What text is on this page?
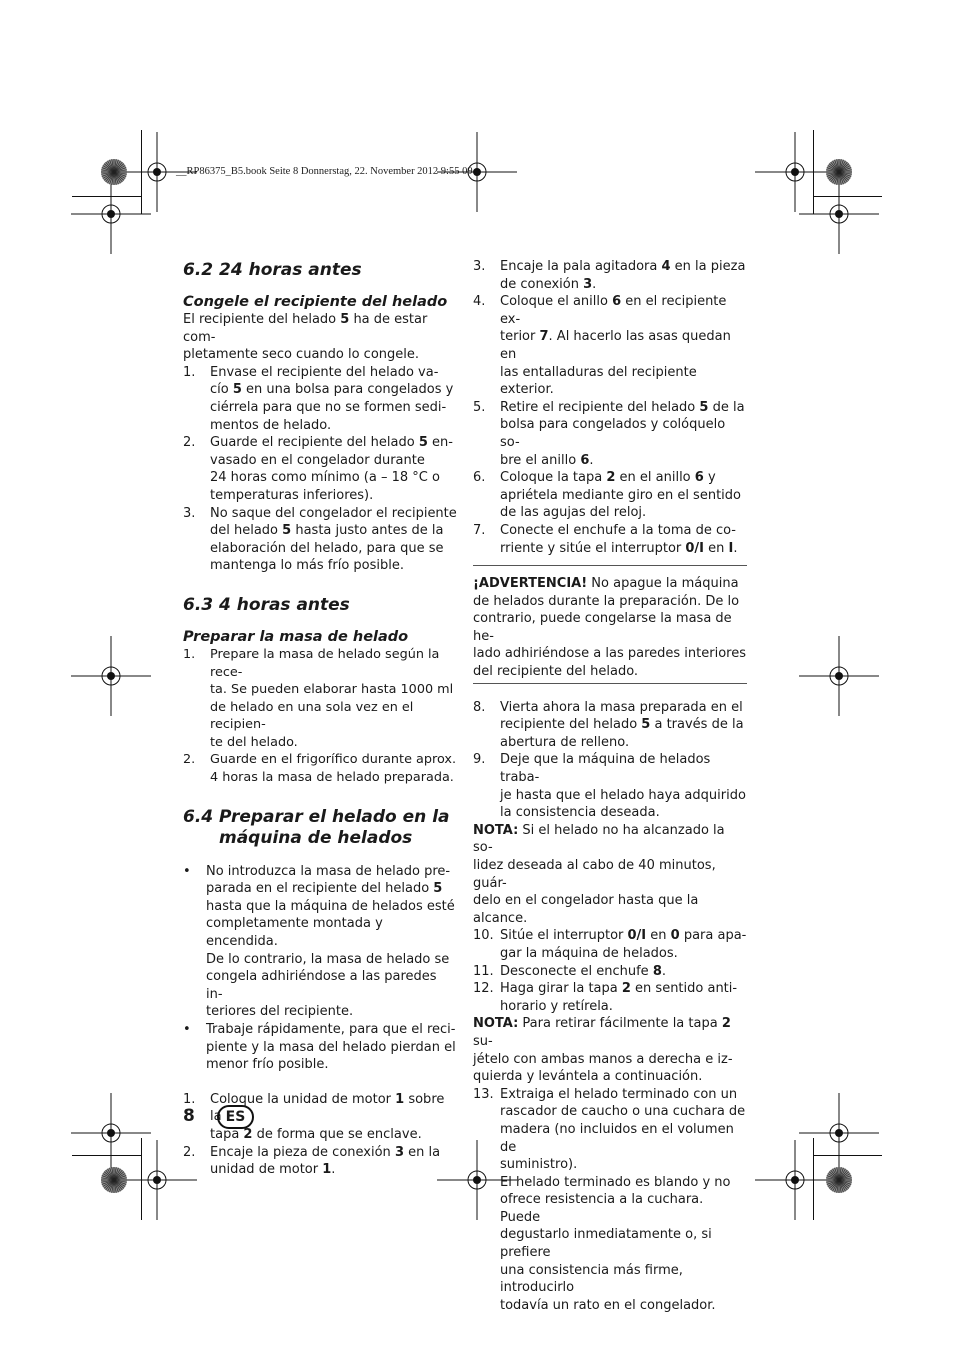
__RP86375_B5.book Seite 8 Donnerstag, 22. November 2012 9:55 09
6.2 24 horas antes
Congele el recipiente del helado
El recipiente del helado 5 ha de estar com-
pletamente seco cuando lo congele.
1. Envase el recipiente del helado va-
cío 5 en una bolsa para congelados y
ciérrela para que no se formen sedi-
mentos de helado.
2. Guarde el recipiente del helado 5 en-
vasado en el congelador durante
24 horas como mínimo (a – 18 °C o
temperaturas inferiores).
3. No saque del congelador el recipiente
del helado 5 hasta justo antes de la
elaboración del helado, para que se
mantenga lo más frío posible.
6.3 4 horas antes
Preparar la masa de helado
1. Prepare la masa de helado según la rece-
ta. Se pueden elaborar hasta 1000 ml
de helado en una sola vez en el recipien-
te del helado.
2. Guarde en el frigorífico durante aprox.
4 horas la masa de helado preparada.
6.4 Preparar el helado en la
máquina de helados
• No introduzca la masa de helado pre-
parada en el recipiente del helado 5
hasta que la máquina de helados esté
completamente montada y encendida.
De lo contrario, la masa de helado se
congela adhiriéndose a las paredes in-
teriores del recipiente.
• Trabaje rápidamente, para que el reci-
piente y la masa del helado pierdan el
menor frío posible.
1. Coloque la unidad de motor 1 sobre la
tapa 2 de forma que se enclave.
2. Encaje la pieza de conexión 3 en la
unidad de motor 1.
3. Encaje la pala agitadora 4 en la pieza
de conexión 3.
4. Coloque el anillo 6 en el recipiente ex-
terior 7. Al hacerlo las asas quedan en
las entalladuras del recipiente exterior.
5. Retire el recipiente del helado 5 de la
bolsa para congelados y colóquelo so-
bre el anillo 6.
6. Coloque la tapa 2 en el anillo 6 y
apriétela mediante giro en el sentido
de las agujas del reloj.
7. Conecte el enchufe a la toma de co-
rriente y sitúe el interruptor 0/I en I.
¡ADVERTENCIA! No apague la máquina
de helados durante la preparación. De lo
contrario, puede congelarse la masa de he-
lado adhiriéndose a las paredes interiores
del recipiente del helado.
8. Vierta ahora la masa preparada en el
recipiente del helado 5 a través de la
abertura de relleno.
9. Deje que la máquina de helados traba-
je hasta que el helado haya adquirido
la consistencia deseada.
NOTA: Si el helado no ha alcanzado la so-
lidez deseada al cabo de 40 minutos, guár-
delo en el congelador hasta que la alcance.
10. Sitúe el interruptor 0/I en 0 para apa-
gar la máquina de helados.
11. Desconecte el enchufe 8.
12. Haga girar la tapa 2 en sentido anti-
horario y retírela.
NOTA: Para retirar fácilmente la tapa 2 su-
jételo con ambas manos a derecha e iz-
quierda y levántela a continuación.
13. Extraiga el helado terminado con un
rascador de caucho o una cuchara de
madera (no incluidos en el volumen de
suministro).
El helado terminado es blando y no
ofrece resistencia a la cuchara. Puede
degustarlo inmediatamente o, si prefiere
una consistencia más firme, introducirlo
todavía un rato en el congelador.
8	ES
